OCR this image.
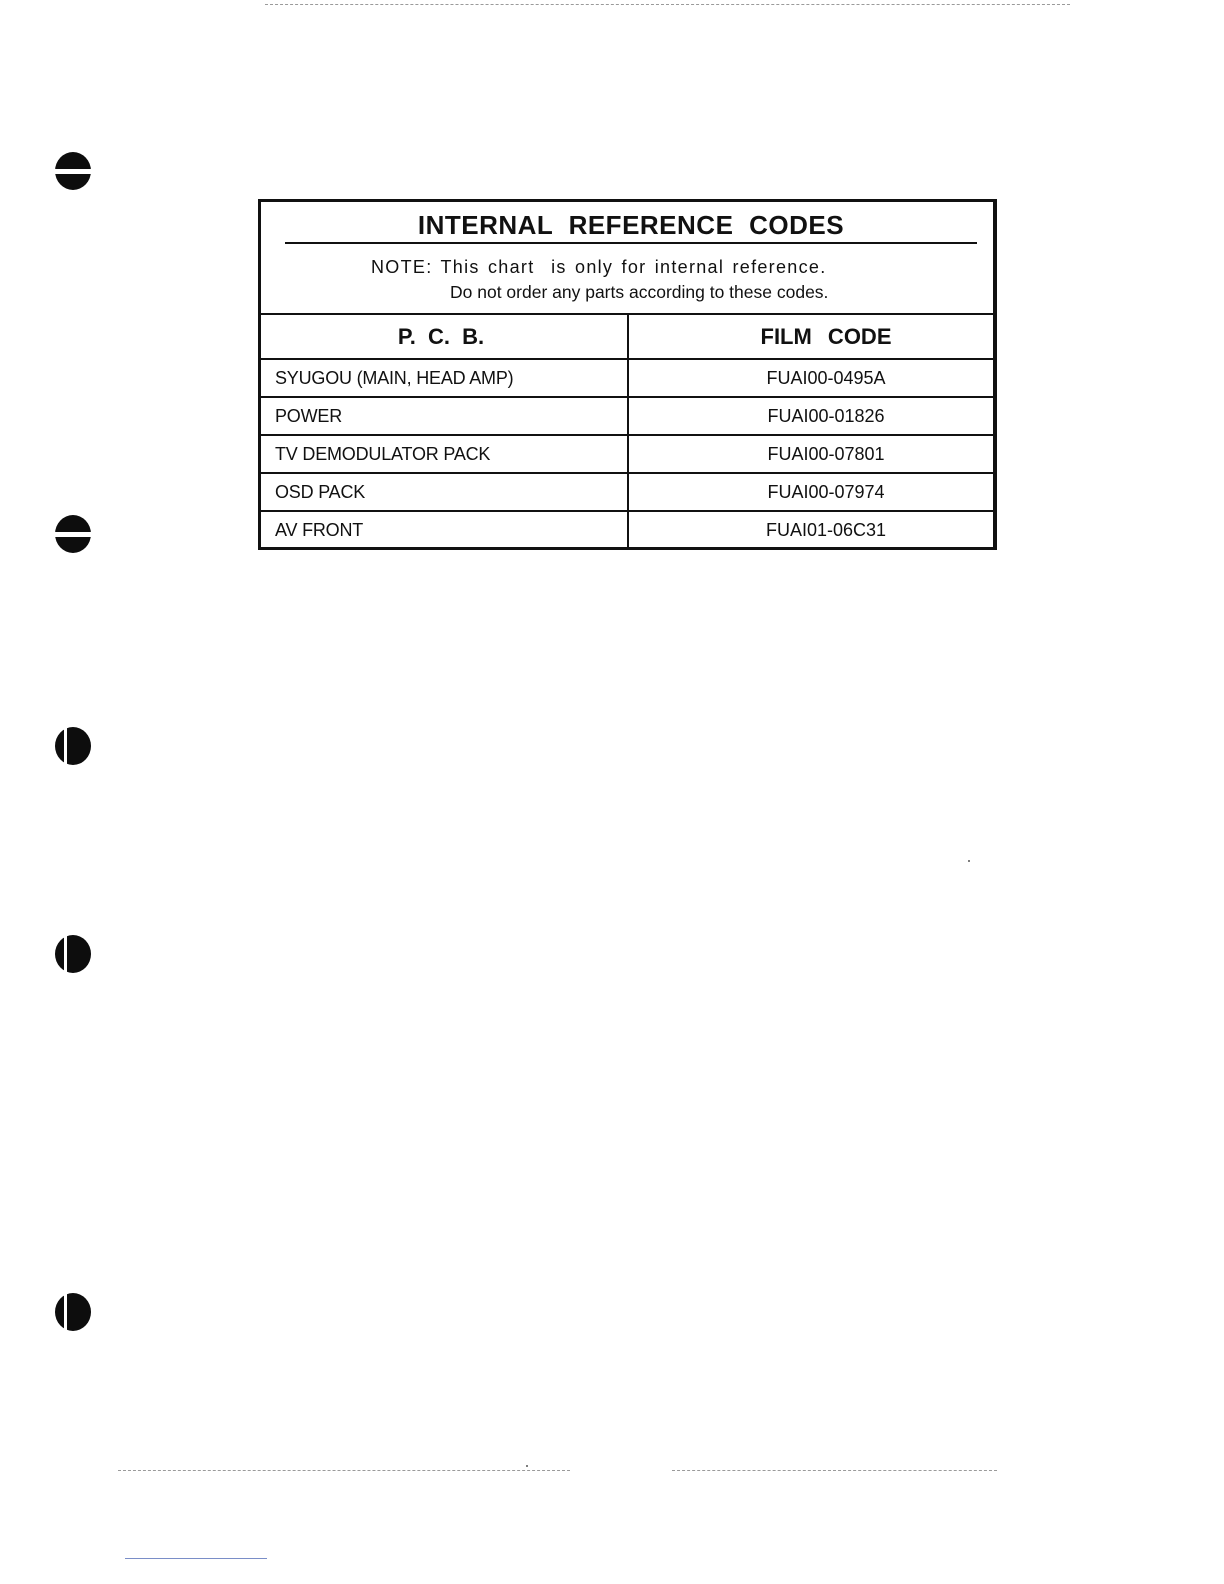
INTERNAL REFERENCE CODES
NOTE: This chart  is only for internal reference.
Do not order any parts according to these codes.
P. C. B.	FILM CODE
SYUGOU (MAIN, HEAD AMP)	FUAI00-0495A
POWER	FUAI00-01826
TV DEMODULATOR PACK	FUAI00-07801
OSD PACK	FUAI00-07974
AV FRONT	FUAI01-06C31
